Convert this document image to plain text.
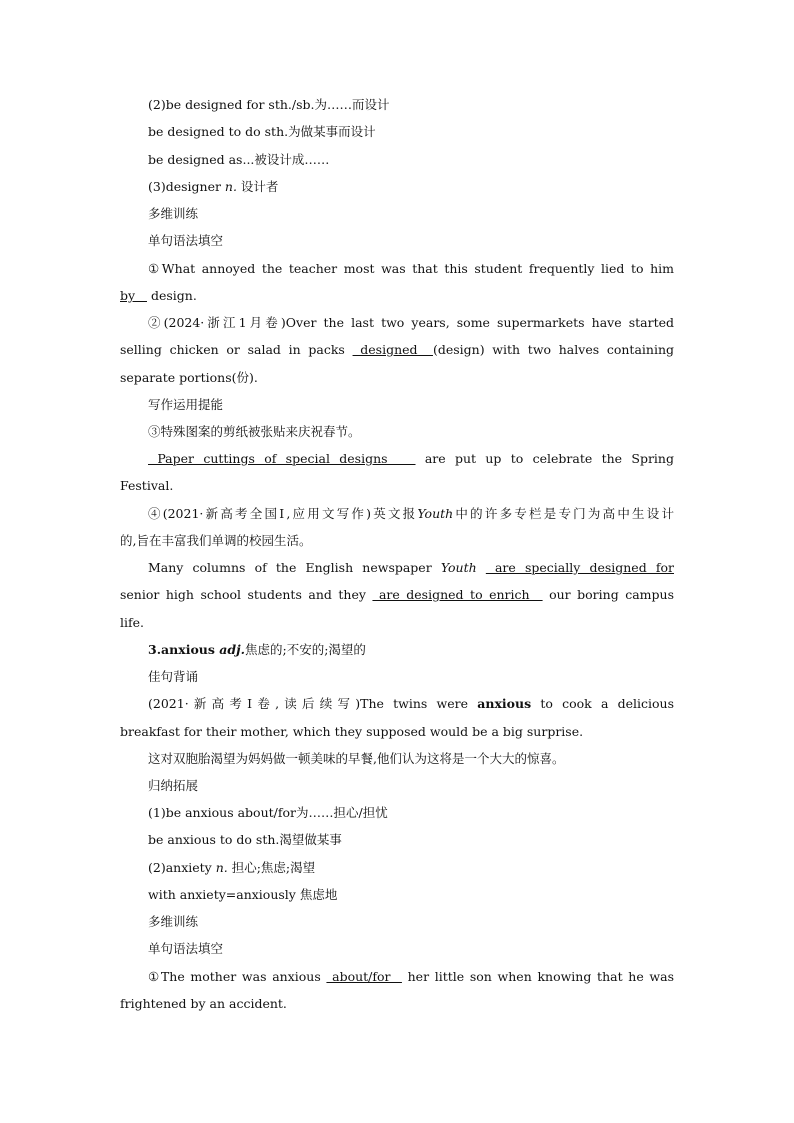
(2)be designed for sth./sb.为……而设计
be designed to do sth.为做某事而设计
be designed as...被设计成……
(3)designer n. 设计者
多维训练
单句语法填空
①What annoyed the teacher most was that this student frequently lied to him
by    design.
②(2024·浙江1月卷)Over the last two years, some supermarkets have started
selling chicken or salad in packs  designed  (design) with two halves containing
separate portions(份).
写作运用提能
③特殊图案的剪纸被张贴来庆祝春节。
Paper cuttings of special designs    are put up to celebrate the Spring
Festival.
④(2021·新高考全国Ⅰ,应用文写作)英文报Youth中的许多专栏是专门为高中生设计
的,旨在丰富我们单调的校园生活。
Many columns of the English newspaper Youth  are specially designed for
senior high school students and they  are designed to enrich   our boring campus
life.
3.anxious adj.焦虑的;不安的;渴望的
佳句背诵
(2021·新高考Ⅰ卷,读后续写)The twins were anxious to cook a delicious
breakfast for their mother, which they supposed would be a big surprise.
这对双胞胎渴望为妈妈做一顿美味的早餐,他们认为这将是一个大大的惊喜。
归纳拓展
(1)be anxious about/for为……担心/担忧
be anxious to do sth.渴望做某事
(2)anxiety n. 担心;焦虑;渴望
with anxiety=anxiously 焦虑地
多维训练
单句语法填空
①The mother was anxious  about/for   her little son when knowing that he was
frightened by an accident.
